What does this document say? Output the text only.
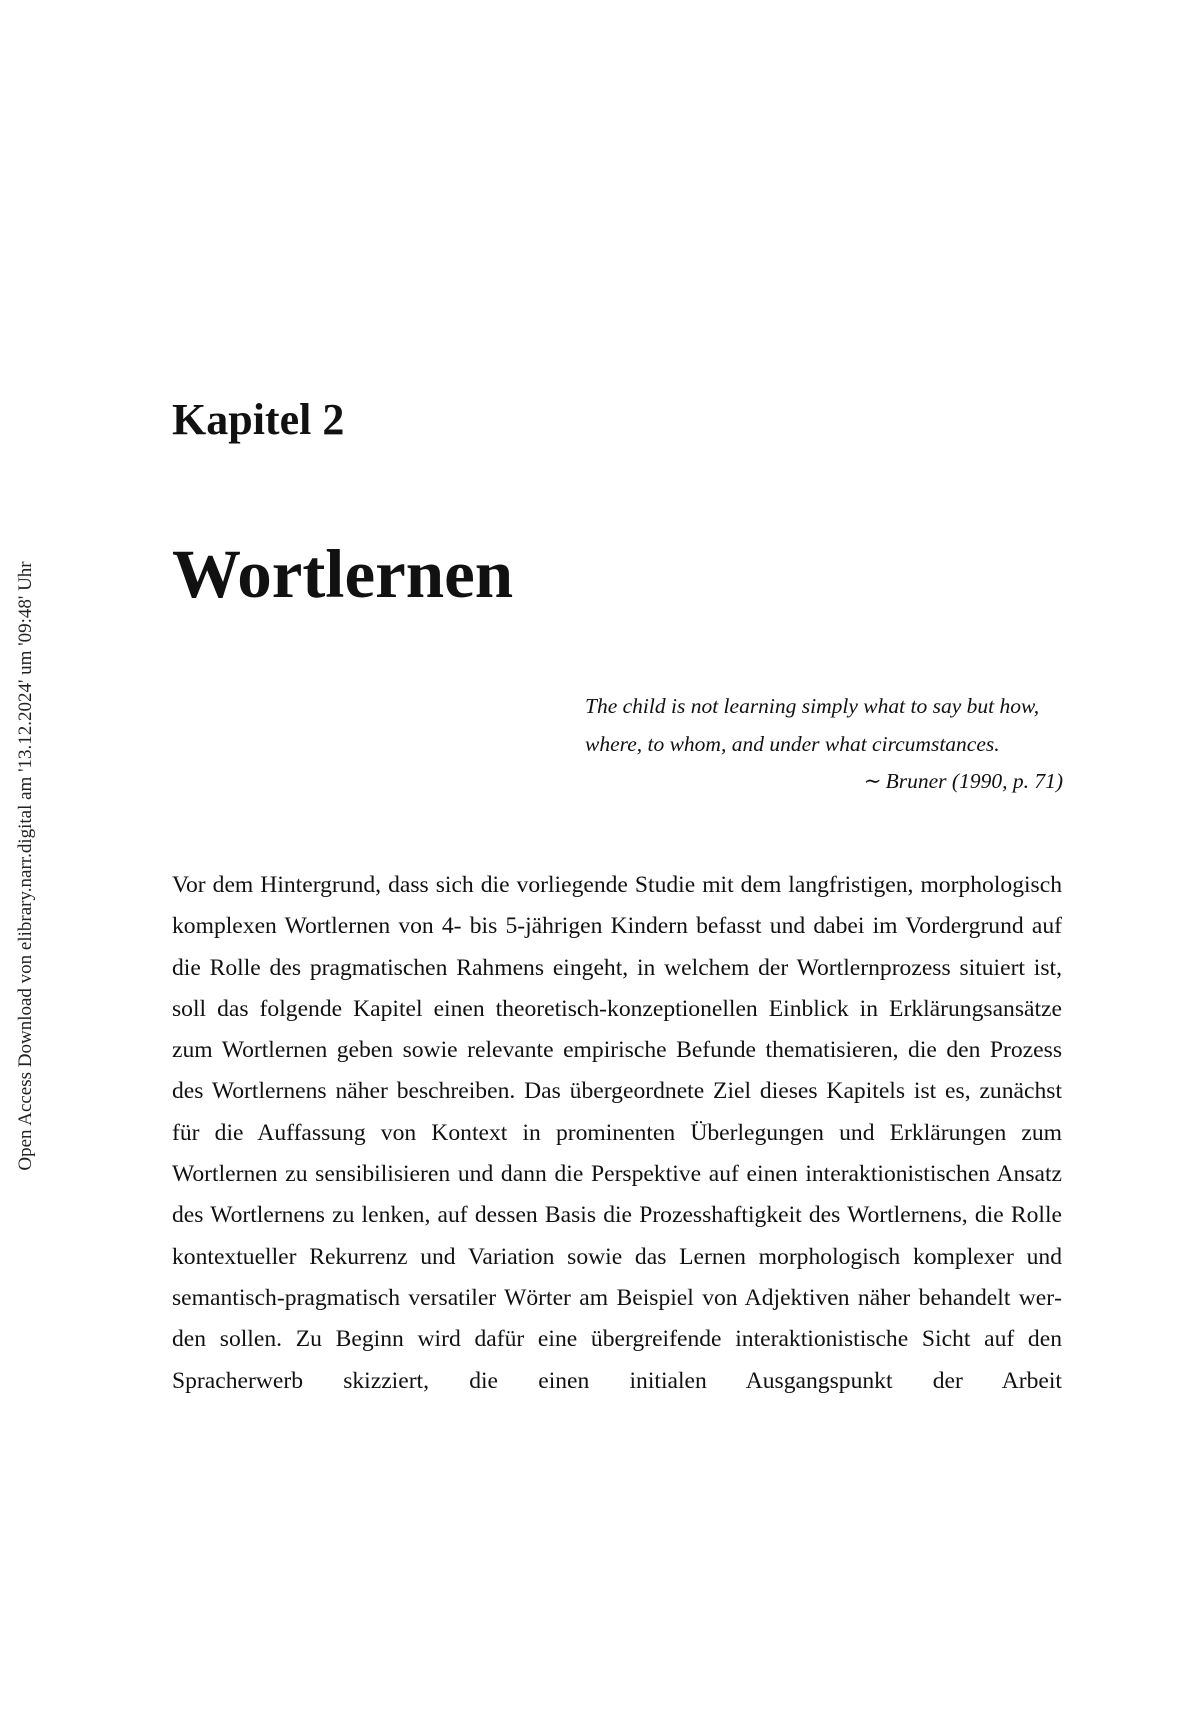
Open Access Download von elibrary.narr.digital am '13.12.2024' um '09:48' Uhr
Kapitel 2
Wortlernen

The child is not learning simply what to say but how, where, to whom, and under what circumstances.

∼ Bruner (1990, p. 71)

Vor dem Hintergrund, dass sich die vorliegende Studie mit dem langfristigen, morphologisch komplexen Wortlernen von 4- bis 5-jährigen Kindern befasst und dabei im Vordergrund auf die Rolle des pragmatischen Rahmens eingeht, in welchem der Wortlernprozess situiert ist, soll das folgende Kapitel einen theoretisch-konzeptionellen Einblick in Erklärungsansätze zum Wortlernen geben sowie relevante empirische Befunde thematisieren, die den Prozess des Wortlernens näher beschreiben. Das übergeordnete Ziel dieses Kapitels ist es, zunächst für die Auffassung von Kontext in prominenten Überlegungen und Erklärungen zum Wortlernen zu sensibilisieren und dann die Perspektive auf einen interaktionistischen Ansatz des Wortlernens zu lenken, auf dessen Basis die Prozesshaftigkeit des Wortlernens, die Rolle kontextueller Rekurrenz und Variation sowie das Lernen morphologisch komplexer und semantisch-pragmatisch versatiler Wörter am Beispiel von Adjektiven näher behandelt werden sollen. Zu Beginn wird dafür eine übergreifende interaktionistische Sicht auf den Spracherwerb skizziert, die einen initialen Ausgangspunkt der Arbeit
